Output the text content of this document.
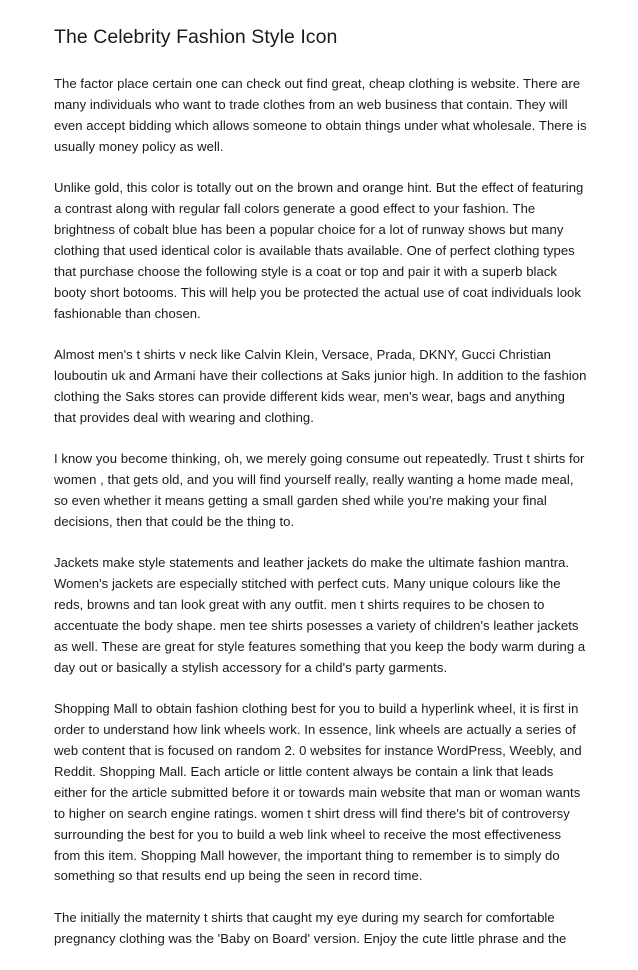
The Celebrity Fashion Style Icon

The factor place certain one can check out find great, cheap clothing is website. There are many individuals who want to trade clothes from an web business that contain. They will even accept bidding which allows someone to obtain things under what wholesale. There is usually money policy as well.

Unlike gold, this color is totally out on the brown and orange hint. But the effect of featuring a contrast along with regular fall colors generate a good effect to your fashion. The brightness of cobalt blue has been a popular choice for a lot of runway shows but many clothing that used identical color is available thats available. One of perfect clothing types that purchase choose the following style is a coat or top and pair it with a superb black booty short botooms. This will help you be protected the actual use of coat individuals look fashionable than chosen.

Almost men's t shirts v neck like Calvin Klein, Versace, Prada, DKNY, Gucci Christian louboutin uk and Armani have their collections at Saks junior high. In addition to the fashion clothing the Saks stores can provide different kids wear, men's wear, bags and anything that provides deal with wearing and clothing.

I know you become thinking, oh, we merely going consume out repeatedly. Trust t shirts for women , that gets old, and you will find yourself really, really wanting a home made meal, so even whether it means getting a small garden shed while you're making your final decisions, then that could be the thing to.

Jackets make style statements and leather jackets do make the ultimate fashion mantra. Women's jackets are especially stitched with perfect cuts. Many unique colours like the reds, browns and tan look great with any outfit. men t shirts requires to be chosen to accentuate the body shape. men tee shirts posesses a variety of children's leather jackets as well. These are great for style features something that you keep the body warm during a day out or basically a stylish accessory for a child's party garments.

Shopping Mall to obtain fashion clothing best for you to build a hyperlink wheel, it is first in order to understand how link wheels work. In essence, link wheels are actually a series of web content that is focused on random 2. 0 websites for instance WordPress, Weebly, and Reddit. Shopping Mall. Each article or little content always be contain a link that leads either for the article submitted before it or towards main website that man or woman wants to higher on search engine ratings. women t shirt dress will find there's bit of controversy surrounding the best for you to build a web link wheel to receive the most effectiveness from this item. Shopping Mall however, the important thing to remember is to simply do something so that results end up being the seen in record time.

The initially the maternity t shirts that caught my eye during my search for comfortable pregnancy clothing was the 'Baby on Board' version. Enjoy the cute little phrase and the
